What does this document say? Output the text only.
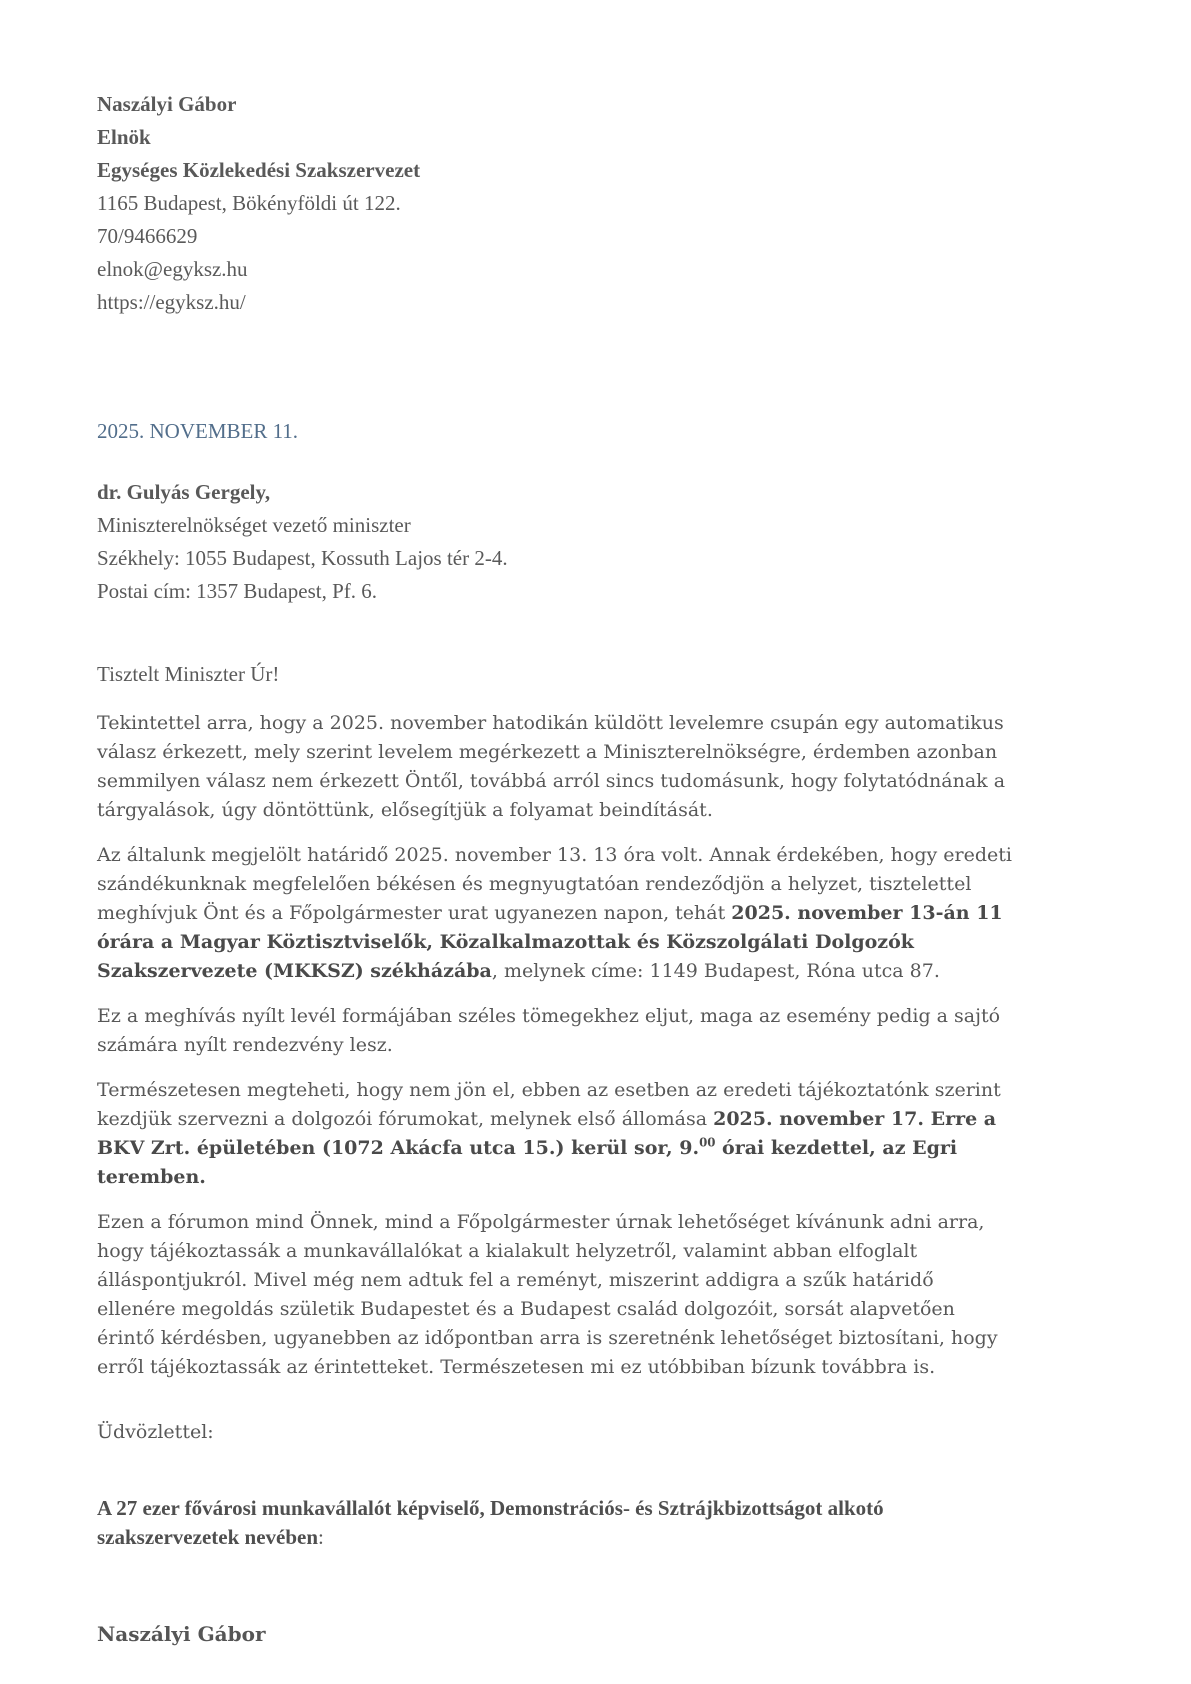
Naszályi Gábor
Elnök
Egységes Közlekedési Szakszervezet
1165 Budapest, Bökényföldi út 122.
70/9466629
elnok@egyksz.hu
https://egyksz.hu/
2025. NOVEMBER 11.
dr. Gulyás Gergely,
Miniszterelnökséget vezető miniszter
Székhely: 1055 Budapest, Kossuth Lajos tér 2-4.
Postai cím: 1357 Budapest, Pf. 6.
Tisztelt Miniszter Úr!

Tekintettel arra, hogy a 2025. november hatodikán küldött levelemre csupán egy automatikus válasz érkezett, mely szerint levelem megérkezett a Miniszterelnökségre, érdemben azonban semmilyen válasz nem érkezett Öntől, továbbá arról sincs tudomásunk, hogy folytatódnának a tárgyalások, úgy döntöttünk, elősegítjük a folyamat beindítását.

Az általunk megjelölt határidő 2025. november 13. 13 óra volt. Annak érdekében, hogy eredeti szándékunknak megfelelően békésen és megnyugtatóan rendeződjön a helyzet, tisztelettel meghívjuk Önt és a Főpolgármester urat ugyanezen napon, tehát 2025. november 13-án 11 órára a Magyar Köztisztviselők, Közalkalmazottak és Közszolgálati Dolgozók Szakszervezete (MKKSZ) székházába, melynek címe: 1149 Budapest, Róna utca 87.

Ez a meghívás nyílt levél formájában széles tömegekhez eljut, maga az esemény pedig a sajtó számára nyílt rendezvény lesz.

Természetesen megteheti, hogy nem jön el, ebben az esetben az eredeti tájékoztatónk szerint kezdjük szervezni a dolgozói fórumokat, melynek első állomása 2025. november 17. Erre a BKV Zrt. épületében (1072 Akácfa utca 15.) kerül sor, 9.00 órai kezdettel, az Egri teremben.

Ezen a fórumon mind Önnek, mind a Főpolgármester úrnak lehetőséget kívánunk adni arra, hogy tájékoztassák a munkavállalókat a kialakult helyzetről, valamint abban elfoglalt álláspontjukról. Mivel még nem adtuk fel a reményt, miszerint addigra a szűk határidő ellenére megoldás születik Budapestet és a Budapest család dolgozóit, sorsát alapvetően érintő kérdésben, ugyanebben az időpontban arra is szeretnénk lehetőséget biztosítani, hogy erről tájékoztassák az érintetteket. Természetesen mi ez utóbbiban bízunk továbbra is.

Üdvözlettel:
A 27 ezer fővárosi munkavállalót képviselő, Demonstrációs- és Sztrájkbizottságot alkotó szakszervezetek nevében:
Naszályi Gábor
